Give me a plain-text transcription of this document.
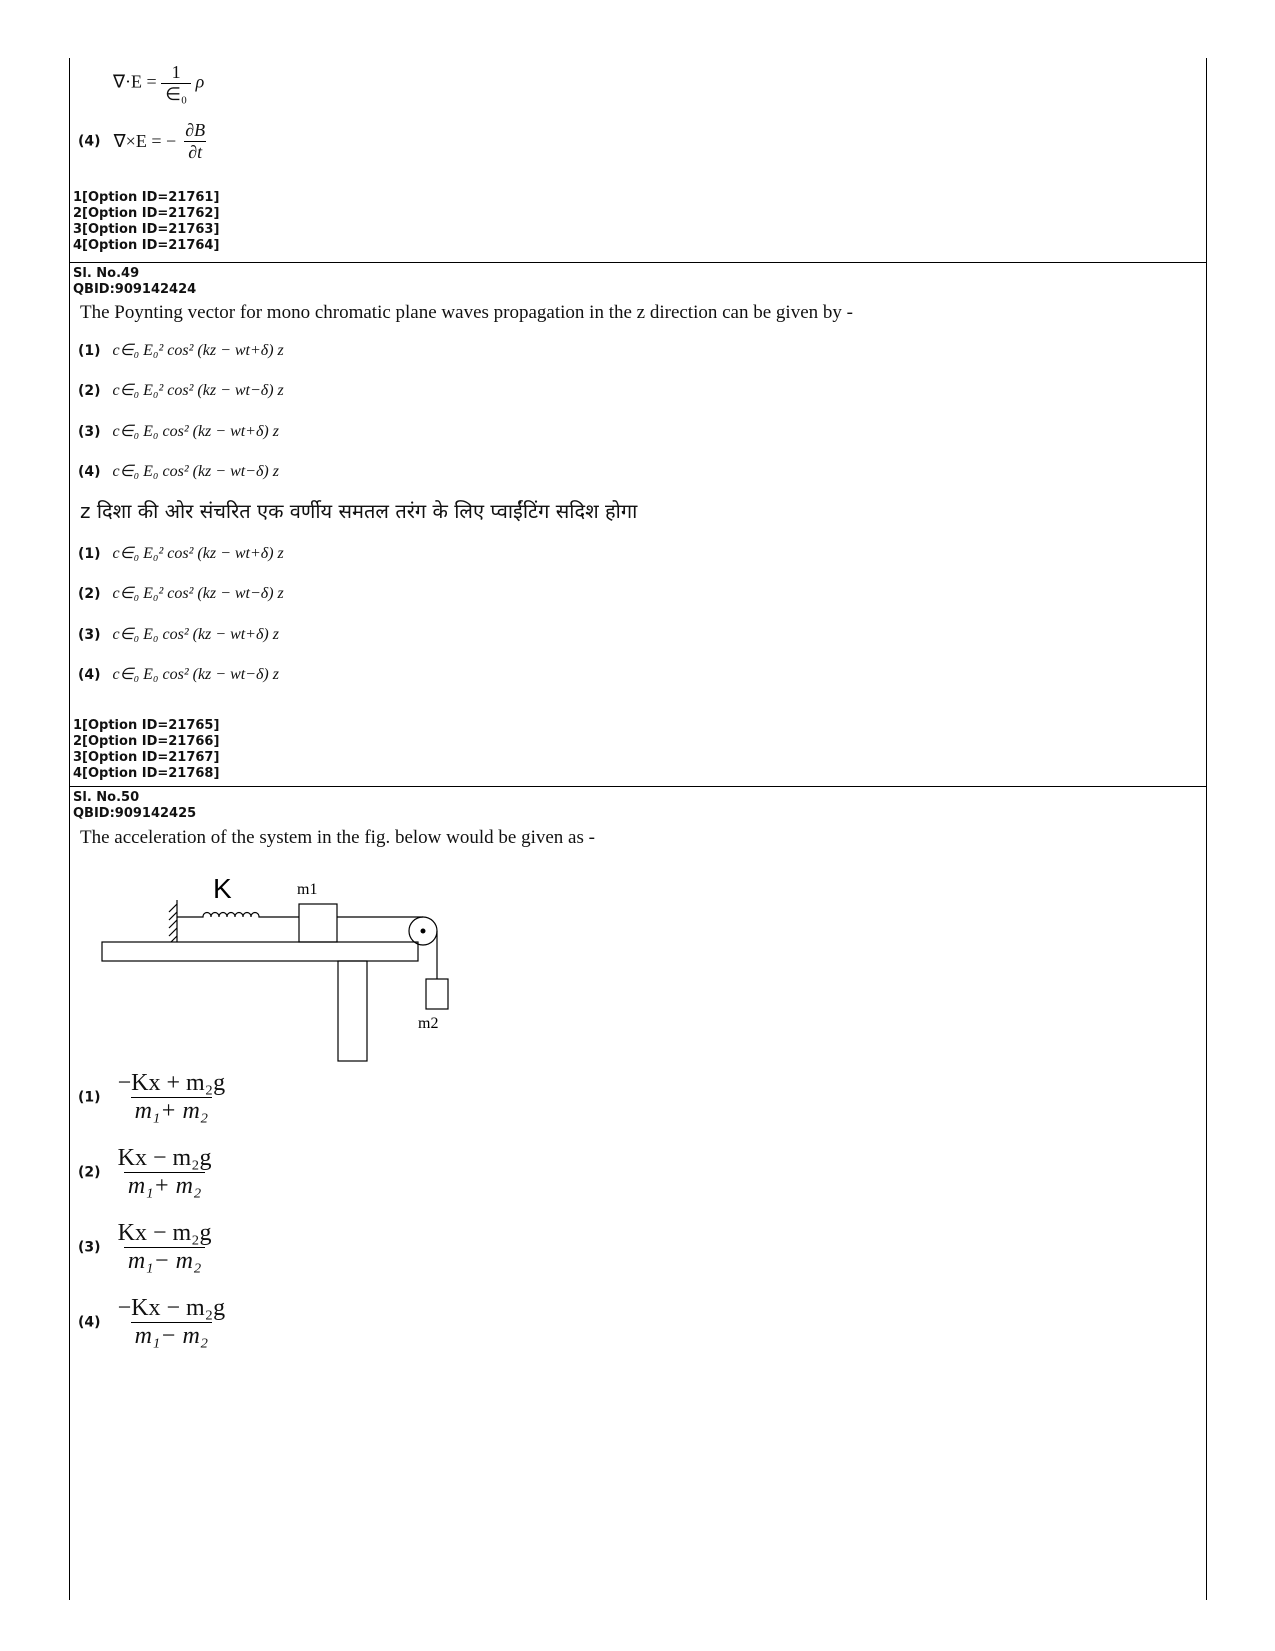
$\nabla\cdot E = \frac{1}{\text{∈₀}}$ ρ
(4) ∇×E = − $\frac{\partial B}{\partial t}$
1[Option ID=21761]
2[Option ID=21762]
3[Option ID=21763]
4[Option ID=21764]
Sl. No.49
QBID:909142424
The Poynting vector for mono chromatic plane waves propagation in the z direction can be given by -
(1) c∈₀ E₀² cos² (kz − wt+δ) z
(2) c∈₀ E₀² cos² (kz − wt−δ) z
(3) c∈₀ E₀ cos² (kz − wt+δ) z
(4) c∈₀ E₀ cos² (kz − wt−δ) z
z दिशा की ओर संचरित एक वर्णीय समतल तरंग के लिए प्वाईंटिंग सदिश होगा
(1) c∈₀ E₀² cos² (kz − wt+δ) z
(2) c∈₀ E₀² cos² (kz − wt−δ) z
(3) c∈₀ E₀ cos² (kz − wt+δ) z
(4) c∈₀ E₀ cos² (kz − wt−δ) z
1[Option ID=21765]
2[Option ID=21766]
3[Option ID=21767]
4[Option ID=21768]
Sl. No.50
QBID:909142425
The acceleration of the system in the fig. below would be given as -
K	m1
m2
$(1) \frac{\text{−Kx + m₂g}}{\text{m₁+ m₂}}$
$(2) \frac{\text{Kx − m₂g}}{\text{m₁+ m₂}}$
$(3) \frac{\text{Kx − m₂g}}{\text{m₁− m₂}}$
$(4) \frac{\text{−Kx − m₂g}}{\text{m₁− m₂}}$
